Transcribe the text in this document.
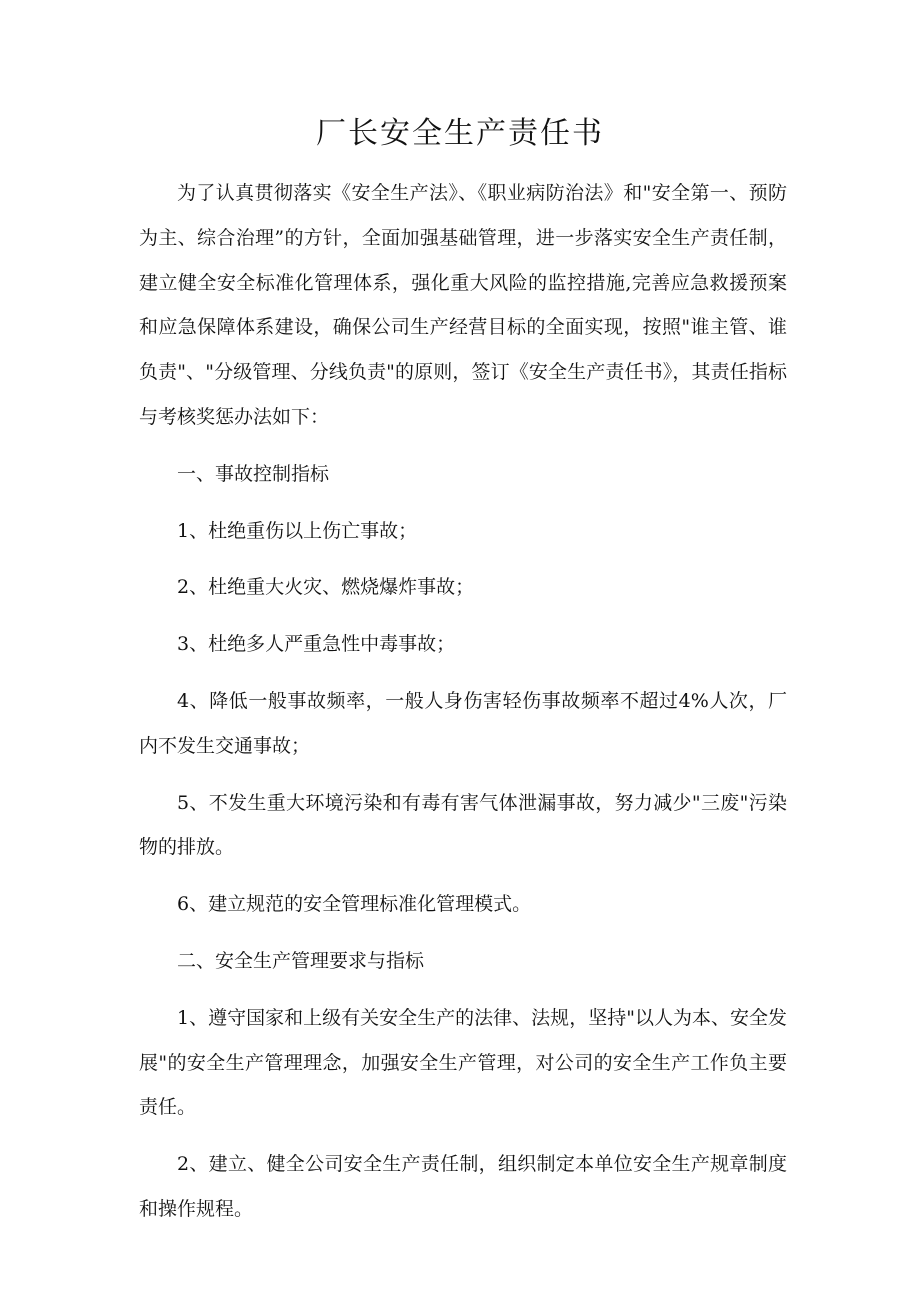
厂长安全生产责任书

为了认真贯彻落实《安全生产法》、《职业病防治法》和"安全第一、预防为主、综合治理”的方针，全面加强基础管理，进一步落实安全生产责任制，建立健全安全标准化管理体系，强化重大风险的监控措施,完善应急救援预案和应急保障体系建设，确保公司生产经营目标的全面实现，按照"谁主管、谁负责"、"分级管理、分线负责"的原则，签订《安全生产责任书》，其责任指标与考核奖惩办法如下：

一、事故控制指标

1、杜绝重伤以上伤亡事故；

2、杜绝重大火灾、燃烧爆炸事故；

3、杜绝多人严重急性中毒事故；

4、降低一般事故频率，一般人身伤害轻伤事故频率不超过4%人次，厂内不发生交通事故；

5、不发生重大环境污染和有毒有害气体泄漏事故，努力减少"三废"污染物的排放。

6、建立规范的安全管理标准化管理模式。

二、安全生产管理要求与指标

1、遵守国家和上级有关安全生产的法律、法规，坚持"以人为本、安全发展"的安全生产管理理念，加强安全生产管理，对公司的安全生产工作负主要责任。

2、建立、健全公司安全生产责任制，组织制定本单位安全生产规章制度和操作规程。
